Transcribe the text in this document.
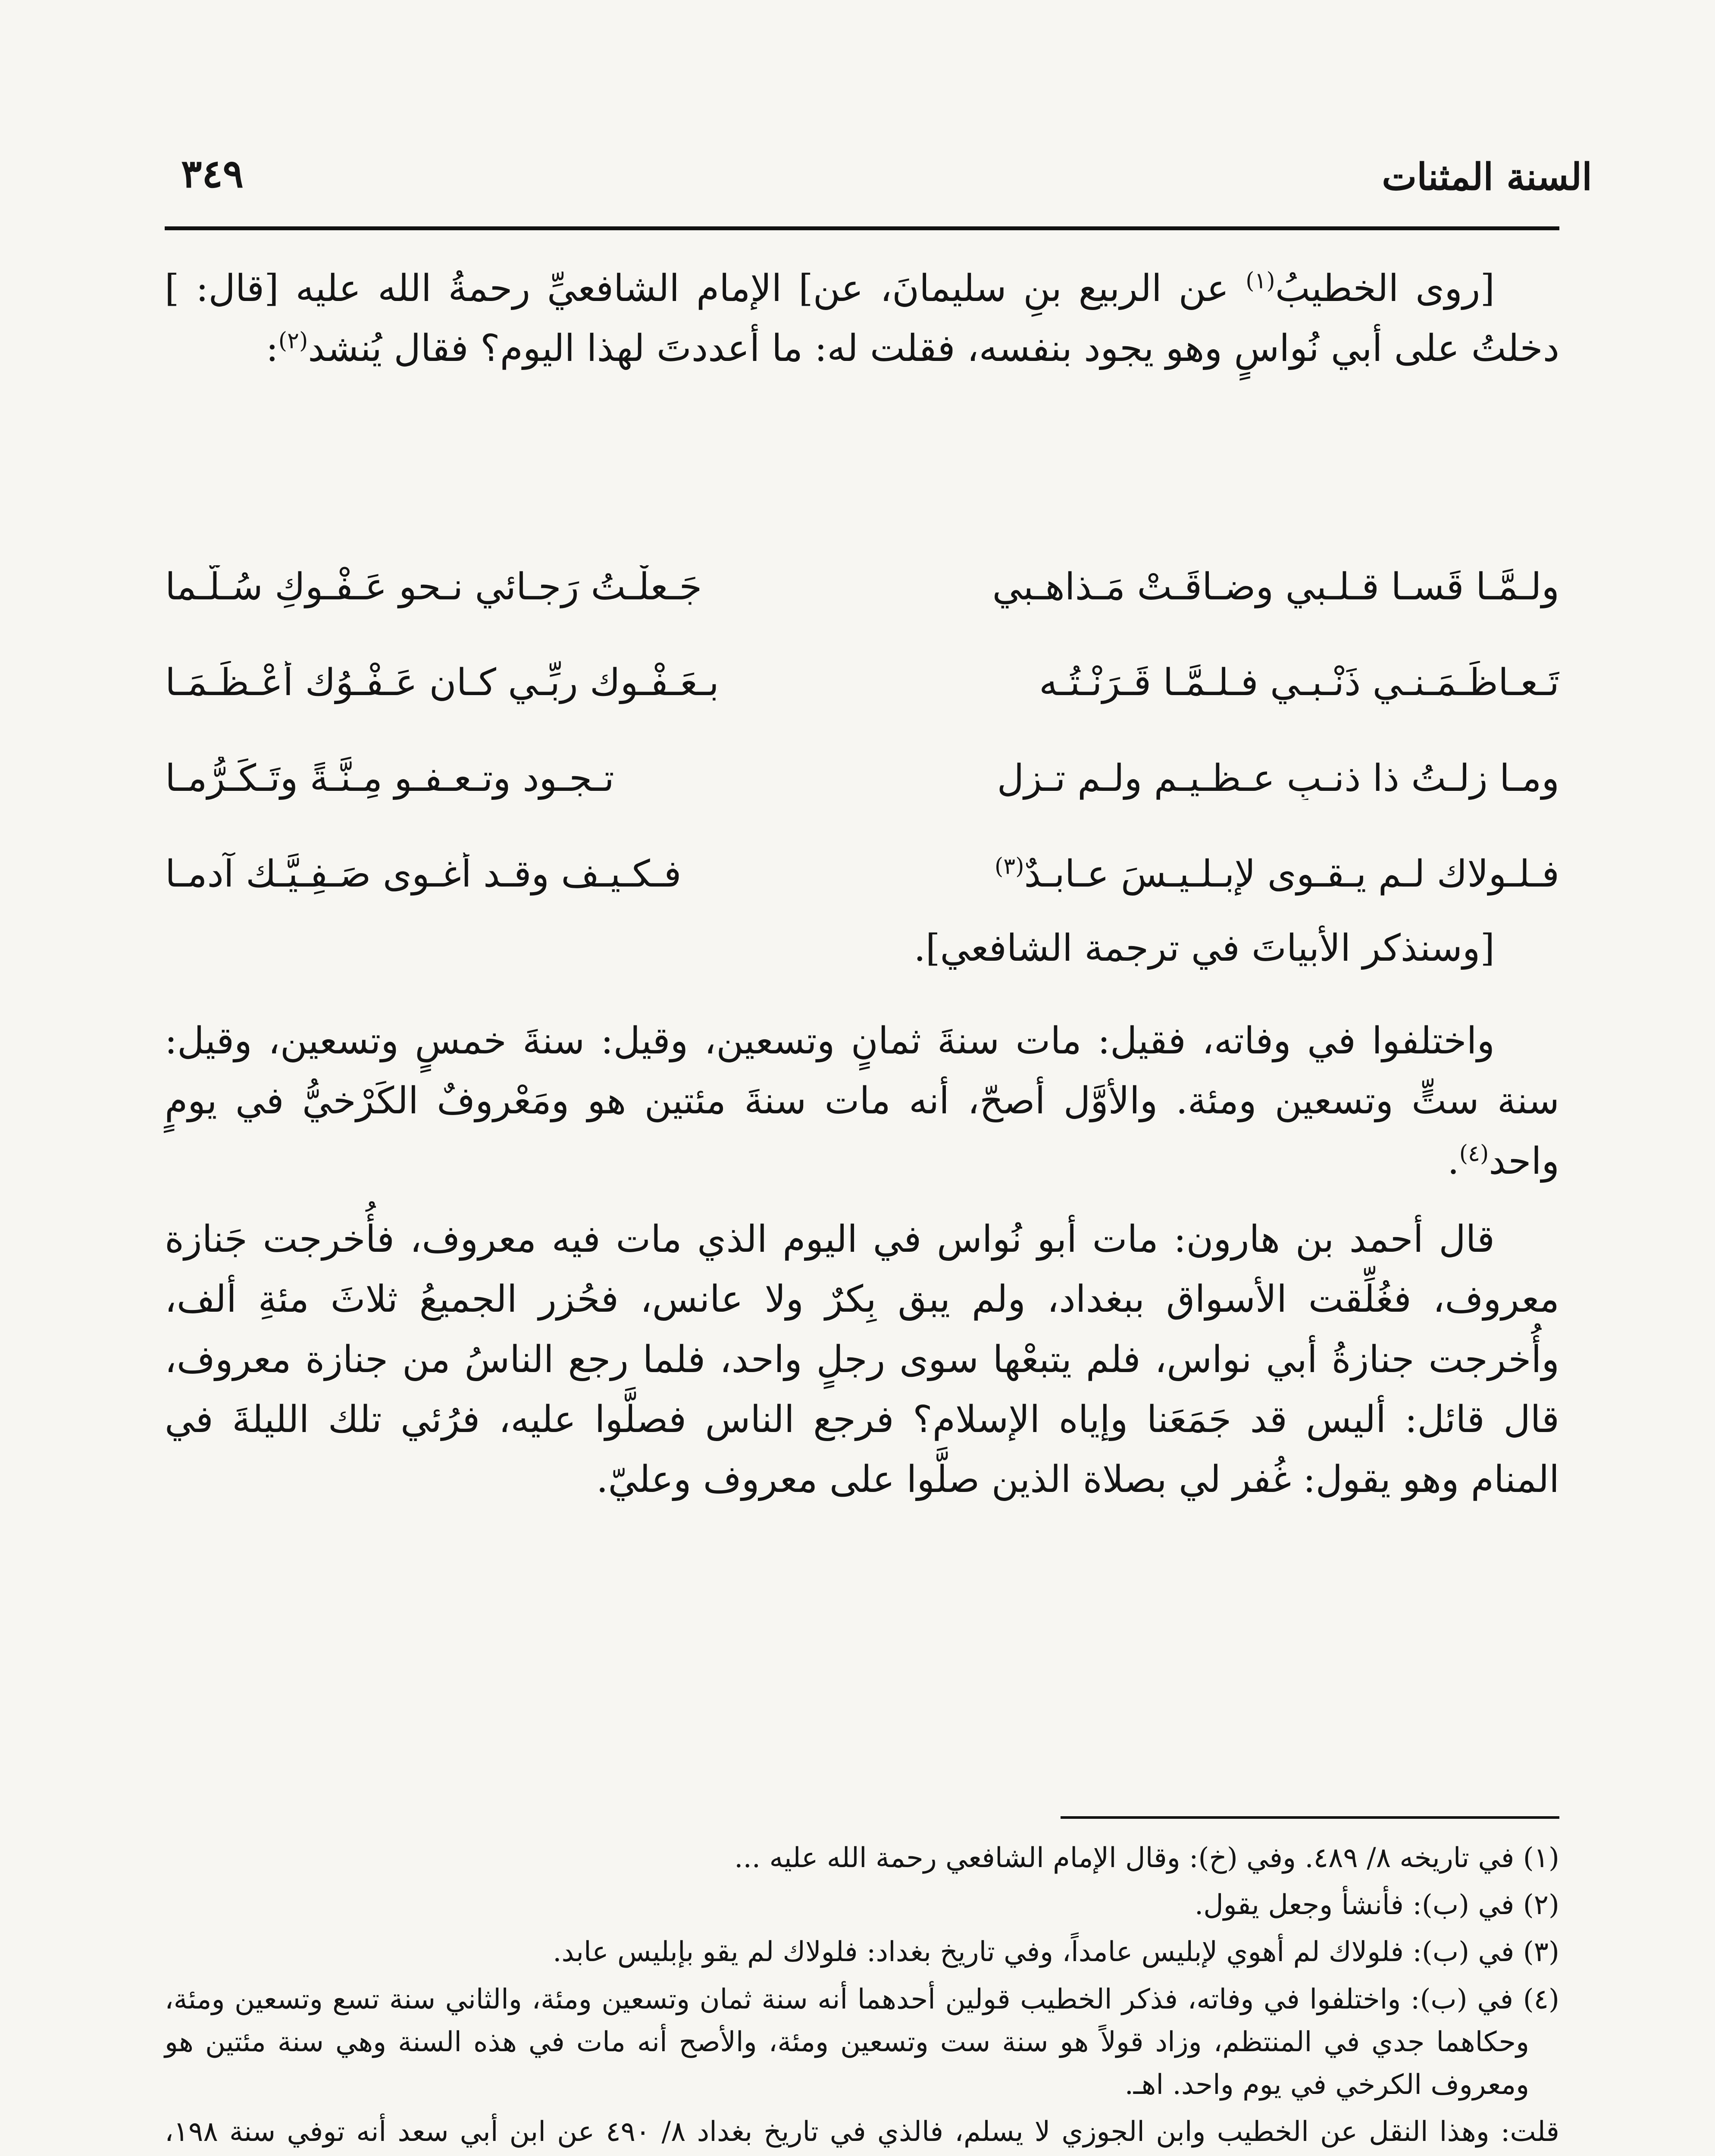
السنة المثنات
٣٤٩

[روى الخطيبُ$^{(١)}$ عن الربيع بنِ سليمانَ، عن] الإمام الشافعيِّ رحمةُ الله عليه [قال: ] دخلتُ على أبي نُواسٍ وهو يجود بنفسه، فقلت له: ما أعددتَ لهذا اليوم؟ فقال يُنشد$^{(٢)}$:

ولـمَّـا قَسـا قـلـبي وضـاقَـتْ مَـذاهـبي
جَـعلْـتُ رَجـائي نـحو عَـفْـوكِ سُـلَّـما
تَـعـاظَـمَـنـي ذَنْـبـي فـلـمَّـا قَـرَنْـتُـه
بـعَـفْـوك ربِّـي كـان عَـفْـوُك أعْـظَـمَـا
ومـا زلـتُ ذا ذنـبٍ عـظـيـمٍ ولـم تـزل
تـجـود وتـعـفـو مِـنَّـةً وتَـكَـرُّمـا
فـلـولاك لـم يـقـوى لإبـلـيـسَ عـابـدٌ$^{(٣)}$
فـكـيـف وقـد أغـوى صَـفِـيَّـك آدمـا

[وسنذكر الأبياتَ في ترجمة الشافعي].

واختلفوا في وفاته، فقيل: مات سنةَ ثمانٍ وتسعين، وقيل: سنةَ خمسٍ وتسعين، وقيل: سنة ستٍّ وتسعين ومئة. والأوَّل أصحّ، أنه مات سنةَ مئتين هو ومَعْروفٌ الكَرْخيُّ في يومٍ واحد$^{(٤)}$.

قال أحمد بن هارون: مات أبو نُواس في اليوم الذي مات فيه معروف، فأُخرجت جَنازة معروف، فغُلِّقت الأسواق ببغداد، ولم يبق بِكرٌ ولا عانس، فحُزر الجميعُ ثلاثَ مئةِ ألف، وأُخرجت جنازةُ أبي نواس، فلم يتبعْها سوى رجلٍ واحد، فلما رجع الناسُ من جنازة معروف، قال قائل: أليس قد جَمَعَنا وإياه الإسلام؟ فرجع الناس فصلَّوا عليه، فرُئي تلك الليلةَ في المنام وهو يقول: غُفر لي بصلاة الذين صلَّوا على معروف وعليّ.

(١) في تاريخه ٨/ ٤٨٩. وفي (خ): وقال الإمام الشافعي رحمة الله عليه ...

(٢) في (ب): فأنشأ وجعل يقول.

(٣) في (ب): فلولاك لم أهوي لإبليس عامداً، وفي تاريخ بغداد: فلولاك لم يقو بإبليس عابد.

(٤) في (ب): واختلفوا في وفاته، فذكر الخطيب قولين أحدهما أنه سنة ثمان وتسعين ومئة، والثاني سنة تسع وتسعين ومئة، وحكاهما جدي في المنتظم، وزاد قولاً هو سنة ست وتسعين ومئة، والأصح أنه مات في هذه السنة وهي سنة مئتين هو ومعروف الكرخي في يوم واحد. اهـ.

قلت: وهذا النقل عن الخطيب وابن الجوزي لا يسلم، فالذي في تاريخ بغداد ٨/ ٤٩٠ عن ابن أبي سعد أنه توفي سنة ١٩٨،
